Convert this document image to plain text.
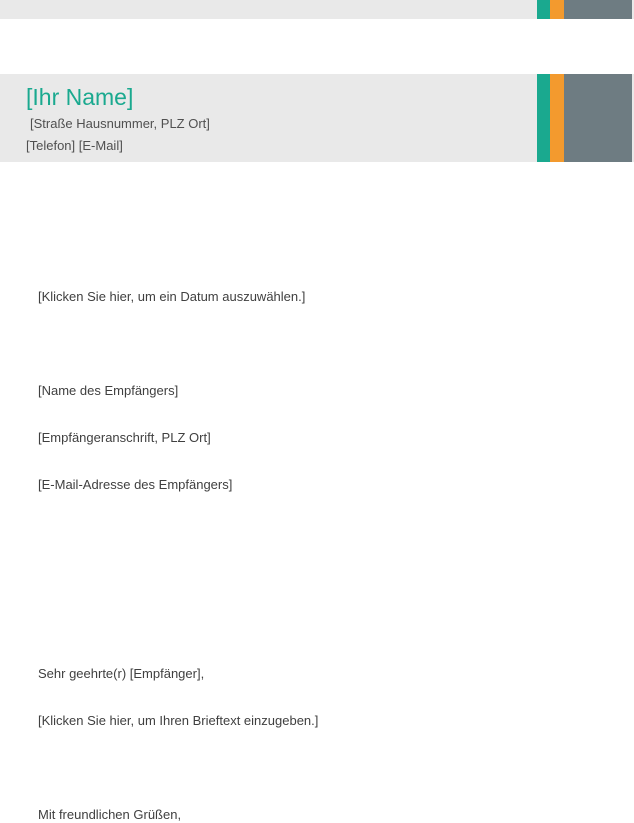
[Ihr Name]
[Straße Hausnummer, PLZ Ort]
[Telefon] [E-Mail]
[Klicken Sie hier, um ein Datum auszuwählen.]
[Name des Empfängers]
[Empfängeranschrift, PLZ Ort]
[E-Mail-Adresse des Empfängers]
Sehr geehrte(r) [Empfänger],
[Klicken Sie hier, um Ihren Brieftext einzugeben.]
Mit freundlichen Grüßen,
